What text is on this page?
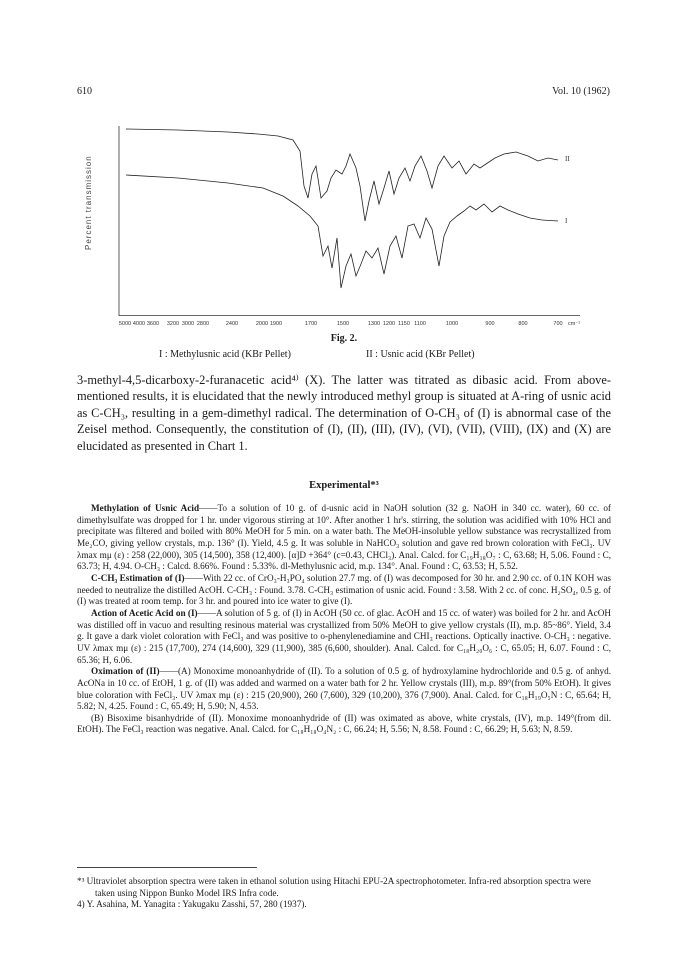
610	Vol. 10 (1962)
II
I
Percent transmission
5000 4000 3600 3200 3000 2800	2400	2000 1900	1700	1500	1300 1200 1150 1100	1000	900	800	700 cm⁻¹
Fig. 2.
I : Methylusnic acid (KBr Pellet)	II : Usnic acid (KBr Pellet)

3-methyl-4,5-dicarboxy-2-furanacetic acid⁴⁾ (X). The latter was titrated as dibasic acid. From above-mentioned results, it is elucidated that the newly introduced methyl group is situated at A-ring of usnic acid as C-CH₃, resulting in a gem-dimethyl radical. The determination of O-CH₃ of (I) is abnormal case of the Zeisel method. Consequently, the constitution of (I), (II), (III), (IV), (VI), (VII), (VIII), (IX) and (X) are elucidated as presented in Chart 1.

Experimental*³

Methylation of Usnic Acid——To a solution of 10 g. of d-usnic acid in NaOH solution (32 g. NaOH in 340 cc. water), 60 cc. of dimethylsulfate was dropped for 1 hr. under vigorous stirring at 10°. After another 1 hr's. stirring, the solution was acidified with 10% HCl and precipitate was filtered and boiled with 80% MeOH for 5 min. on a water bath. The MeOH-insoluble yellow substance was recrystallized from Me₂CO, giving yellow crystals, m.p. 136° (I). Yield, 4.5 g. It was soluble in NaHCO₃ solution and gave red brown coloration with FeCl₃. UV λmax mμ (ε) : 258 (22,000), 305 (14,500), 358 (12,400). [α]D +364° (c=0.43, CHCl₃). Anal. Calcd. for C₁₉H₁₈O₇ : C, 63.68; H, 5.06. Found : C, 63.73; H, 4.94. O-CH₃ : Calcd. 8.66%. Found : 5.33%. dl-Methylusnic acid, m.p. 134°. Anal. Found : C, 63.53; H, 5.52.

C-CH₃ Estimation of (I)——With 22 cc. of CrO₃-H₃PO₄ solution 27.7 mg. of (I) was decomposed for 30 hr. and 2.90 cc. of 0.1N KOH was needed to neutralize the distilled AcOH. C-CH₃ : Found. 3.78. C-CH₃ estimation of usnic acid. Found : 3.58. With 2 cc. of conc. H₂SO₄, 0.5 g. of (I) was treated at room temp. for 3 hr. and poured into ice water to give (I).

Action of Acetic Acid on (I)——A solution of 5 g. of (I) in AcOH (50 cc. of glac. AcOH and 15 cc. of water) was boiled for 2 hr. and AcOH was distilled off in vacuo and resulting resinous material was crystallized from 50% MeOH to give yellow crystals (II), m.p. 85~86°. Yield, 3.4 g. It gave a dark violet coloration with FeCl₃ and was positive to o-phenylenediamine and CHI₃ reactions. Optically inactive. O-CH₃ : negative. UV λmax mμ (ε) : 215 (17,700), 274 (14,600), 329 (11,900), 385 (6,600, shoulder). Anal. Calcd. for C₁₈H₂₀O₆ : C, 65.05; H, 6.07. Found : C, 65.36; H, 6.06.

Oximation of (II)——(A) Monoxime monoanhydride of (II). To a solution of 0.5 g. of hydroxylamine hydrochloride and 0.5 g. of anhyd. AcONa in 10 cc. of EtOH, 1 g. of (II) was added and warmed on a water bath for 2 hr. Yellow crystals (III), m.p. 89°(from 50% EtOH). It gives blue coloration with FeCl₃. UV λmax mμ (ε) : 215 (20,900), 260 (7,600), 329 (10,200), 376 (7,900). Anal. Calcd. for C₁₈H₁₉O₅N : C, 65.64; H, 5.82; N, 4.25. Found : C, 65.49; H, 5.90; N, 4.53.

(B) Bisoxime bisanhydride of (II). Monoxime monoanhydride of (II) was oximated as above, white crystals, (IV), m.p. 149°(from dil. EtOH). The FeCl₃ reaction was negative. Anal. Calcd. for C₁₈H₁₈O₄N₂ : C, 66.24; H, 5.56; N, 8.58. Found : C, 66.29; H, 5.63; N, 8.59.

*³ Ultraviolet absorption spectra were taken in ethanol solution using Hitachi EPU-2A spectrophotometer. Infra-red absorption spectra were taken using Nippon Bunko Model IRS Infra code.

4) Y. Asahina, M. Yanagita : Yakugaku Zasshi, 57, 280 (1937).
